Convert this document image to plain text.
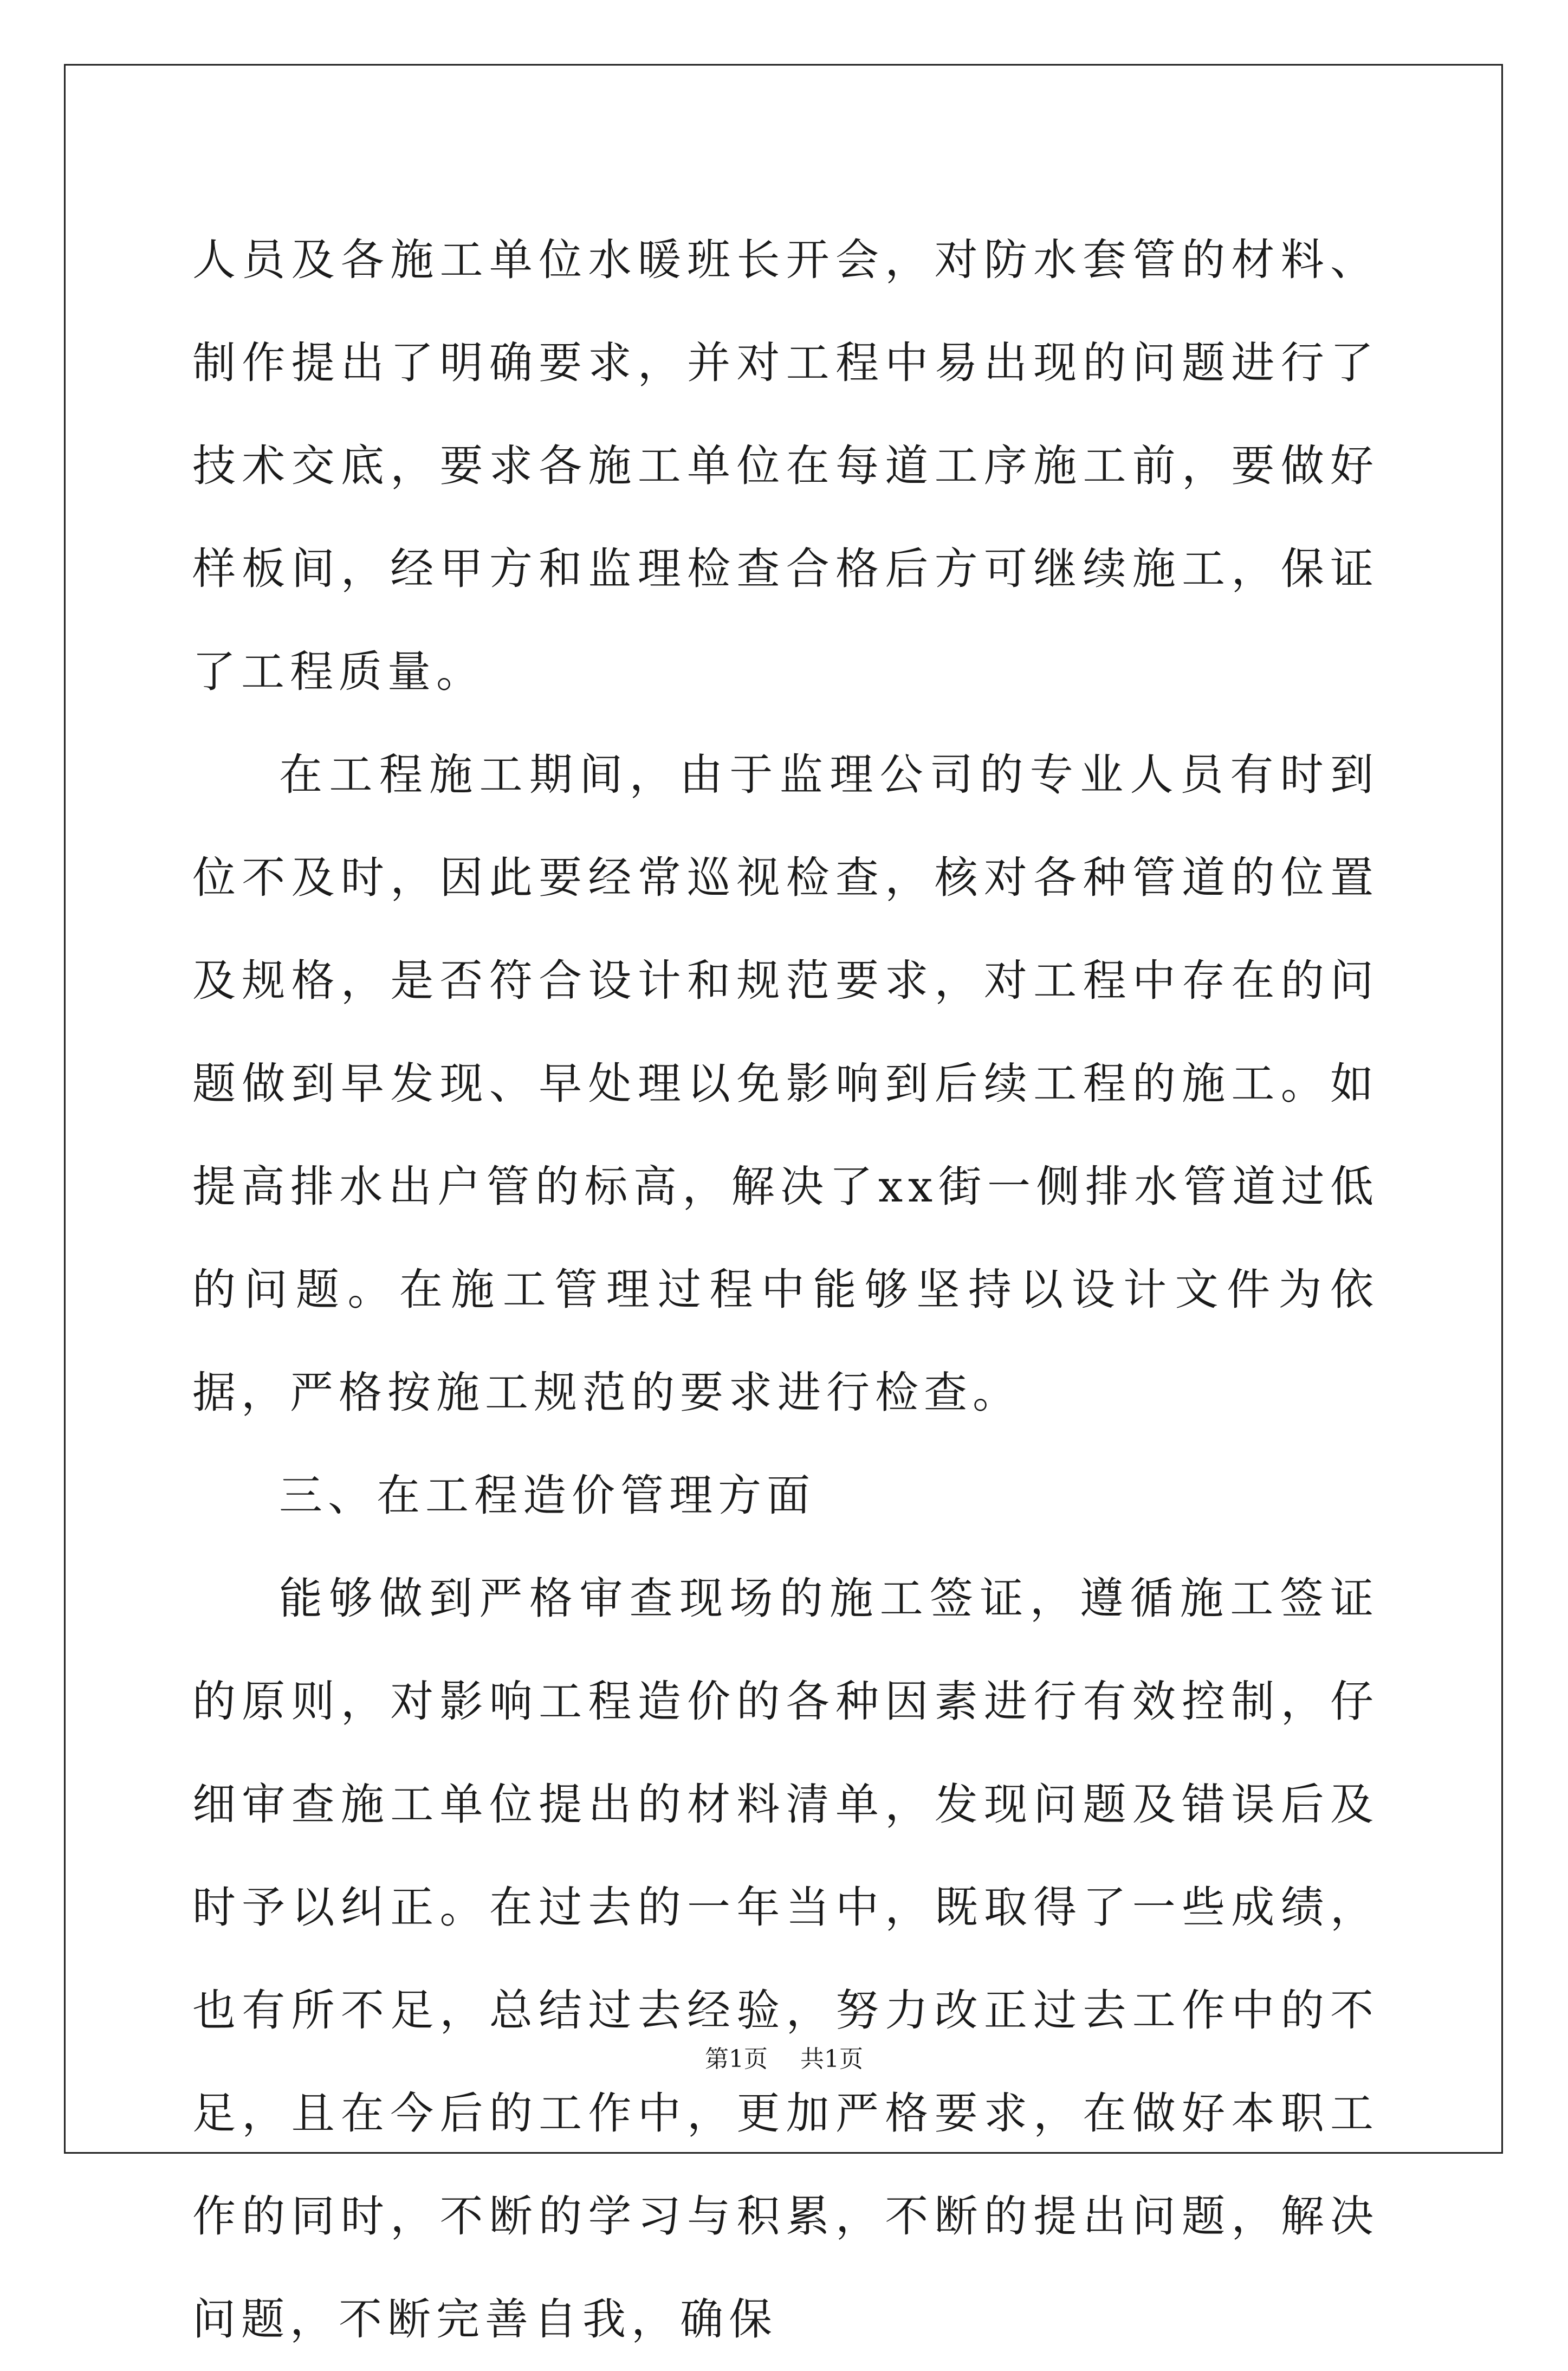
人员及各施工单位水暖班长开会，对防水套管的材料、制作提出了明确要求，并对工程中易出现的问题进行了技术交底，要求各施工单位在每道工序施工前，要做好样板间，经甲方和监理检查合格后方可继续施工，保证了工程质量。

在工程施工期间，由于监理公司的专业人员有时到位不及时，因此要经常巡视检查，核对各种管道的位置及规格，是否符合设计和规范要求，对工程中存在的问题做到早发现、早处理以免影响到后续工程的施工。如提高排水出户管的标高，解决了xx街一侧排水管道过低的问题。在施工管理过程中能够坚持以设计文件为依据，严格按施工规范的要求进行检查。

三、在工程造价管理方面

能够做到严格审查现场的施工签证，遵循施工签证的原则，对影响工程造价的各种因素进行有效控制，仔细审查施工单位提出的材料清单，发现问题及错误后及时予以纠正。在过去的一年当中，既取得了一些成绩，也有所不足，总结过去经验，努力改正过去工作中的不足，且在今后的工作中，更加严格要求，在做好本职工作的同时，不断的学习与积累，不断的提出问题，解决问题，不断完善自我，确保

第1页 共1页
